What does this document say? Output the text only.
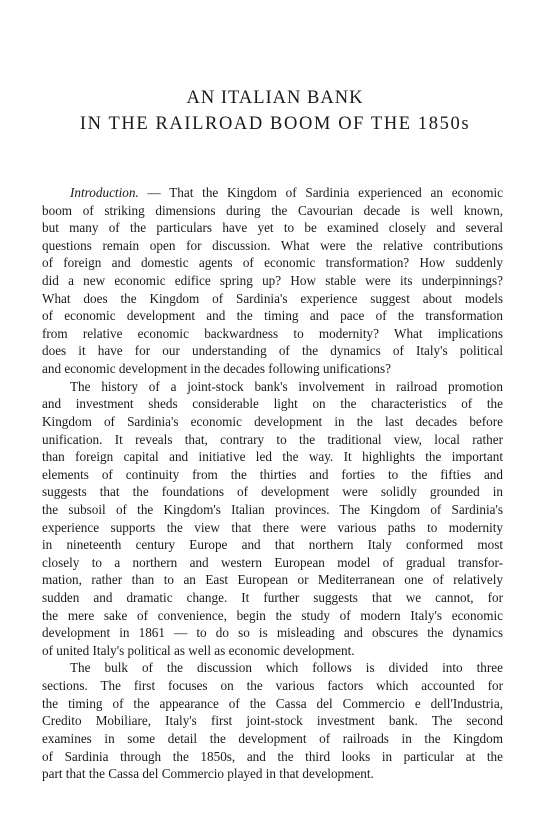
AN ITALIAN BANK
IN THE RAILROAD BOOM OF THE 1850s
Introduction. — That the Kingdom of Sardinia experienced an economic
boom of striking dimensions during the Cavourian decade is well known,
but many of the particulars have yet to be examined closely and several
questions remain open for discussion. What were the relative contributions
of foreign and domestic agents of economic transformation? How suddenly
did a new economic edifice spring up? How stable were its underpinnings?
What does the Kingdom of Sardinia's experience suggest about models
of economic development and the timing and pace of the transformation
from relative economic backwardness to modernity? What implications
does it have for our understanding of the dynamics of Italy's political
and economic development in the decades following unifications?
The history of a joint-stock bank's involvement in railroad promotion
and investment sheds considerable light on the characteristics of the
Kingdom of Sardinia's economic development in the last decades before
unification. It reveals that, contrary to the traditional view, local rather
than foreign capital and initiative led the way. It highlights the important
elements of continuity from the thirties and forties to the fifties and
suggests that the foundations of development were solidly grounded in
the subsoil of the Kingdom's Italian provinces. The Kingdom of Sardinia's
experience supports the view that there were various paths to modernity
in nineteenth century Europe and that northern Italy conformed most
closely to a northern and western European model of gradual transfor-
mation, rather than to an East European or Mediterranean one of relatively
sudden and dramatic change. It further suggests that we cannot, for
the mere sake of convenience, begin the study of modern Italy's economic
development in 1861 — to do so is misleading and obscures the dynamics
of united Italy's political as well as economic development.
The bulk of the discussion which follows is divided into three
sections. The first focuses on the various factors which accounted for
the timing of the appearance of the Cassa del Commercio e dell'Industria,
Credito Mobiliare, Italy's first joint-stock investment bank. The second
examines in some detail the development of railroads in the Kingdom
of Sardinia through the 1850s, and the third looks in particular at the
part that the Cassa del Commercio played in that development.
